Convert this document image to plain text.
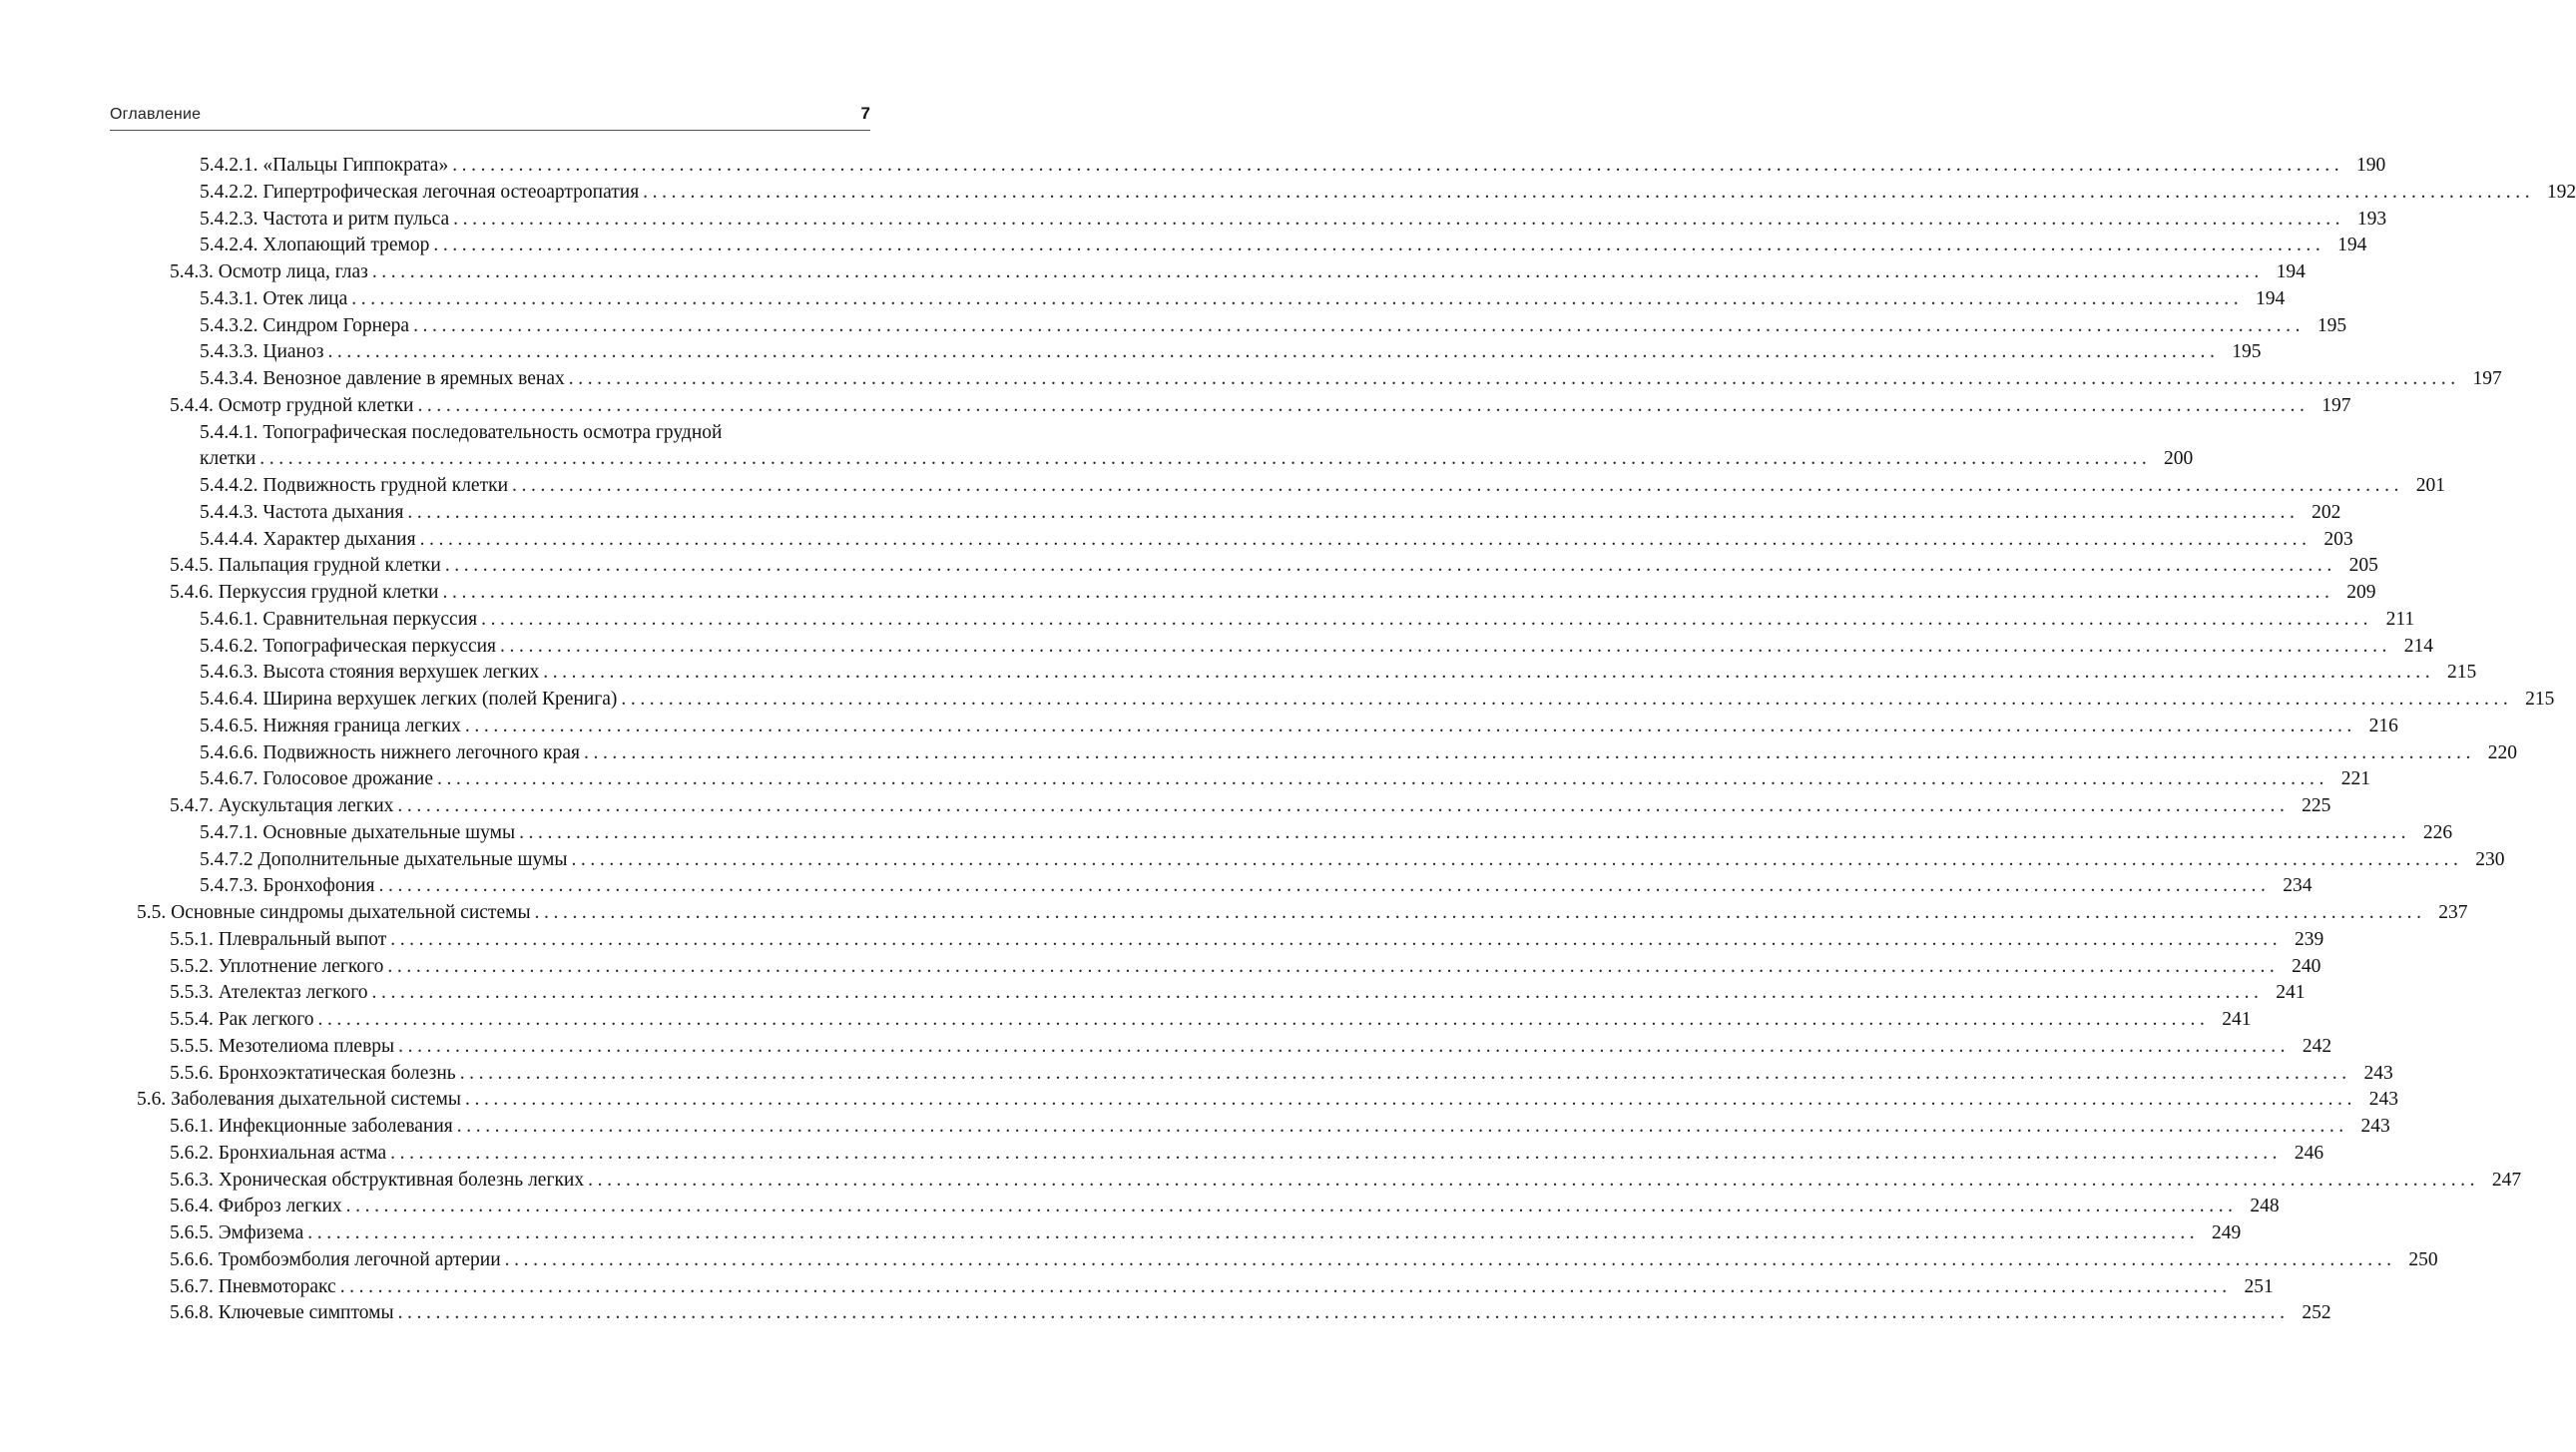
Оглавление	7
5.4.2.1. «Пальцы Гиппократа» ........................................................................................................................................................................................................ 190
5.4.2.2. Гипертрофическая легочная остеоартропатия ........................................................................................................................................................................................................ 192
5.4.2.3. Частота и ритм пульса ........................................................................................................................................................................................................ 193
5.4.2.4. Хлопающий тремор ........................................................................................................................................................................................................ 194
5.4.3. Осмотр лица, глаз ........................................................................................................................................................................................................ 194
5.4.3.1. Отек лица ........................................................................................................................................................................................................ 194
5.4.3.2. Синдром Горнера ........................................................................................................................................................................................................ 195
5.4.3.3. Цианоз ........................................................................................................................................................................................................ 195
5.4.3.4. Венозное давление в яремных венах ........................................................................................................................................................................................................ 197
5.4.4. Осмотр грудной клетки ........................................................................................................................................................................................................ 197
5.4.4.1. Топографическая последовательность осмотра грудной
клетки ........................................................................................................................................................................................................ 200
5.4.4.2. Подвижность грудной клетки ........................................................................................................................................................................................................ 201
5.4.4.3. Частота дыхания ........................................................................................................................................................................................................ 202
5.4.4.4. Характер дыхания ........................................................................................................................................................................................................ 203
5.4.5. Пальпация грудной клетки ........................................................................................................................................................................................................ 205
5.4.6. Перкуссия грудной клетки ........................................................................................................................................................................................................ 209
5.4.6.1. Сравнительная перкуссия ........................................................................................................................................................................................................ 211
5.4.6.2. Топографическая перкуссия ........................................................................................................................................................................................................ 214
5.4.6.3. Высота стояния верхушек легких ........................................................................................................................................................................................................ 215
5.4.6.4. Ширина верхушек легких (полей Кренига) ........................................................................................................................................................................................................ 215
5.4.6.5. Нижняя граница легких ........................................................................................................................................................................................................ 216
5.4.6.6. Подвижность нижнего легочного края ........................................................................................................................................................................................................ 220
5.4.6.7. Голосовое дрожание ........................................................................................................................................................................................................ 221
5.4.7. Аускультация легких ........................................................................................................................................................................................................ 225
5.4.7.1. Основные дыхательные шумы ........................................................................................................................................................................................................ 226
5.4.7.2 Дополнительные дыхательные шумы ........................................................................................................................................................................................................ 230
5.4.7.3. Бронхофония ........................................................................................................................................................................................................ 234
5.5. Основные синдромы дыхательной системы ........................................................................................................................................................................................................ 237
5.5.1. Плевральный выпот ........................................................................................................................................................................................................ 239
5.5.2. Уплотнение легкого ........................................................................................................................................................................................................ 240
5.5.3. Ателектаз легкого ........................................................................................................................................................................................................ 241
5.5.4. Рак легкого ........................................................................................................................................................................................................ 241
5.5.5. Мезотелиома плевры ........................................................................................................................................................................................................ 242
5.5.6. Бронхоэктатическая болезнь ........................................................................................................................................................................................................ 243
5.6. Заболевания дыхательной системы ........................................................................................................................................................................................................ 243
5.6.1. Инфекционные заболевания ........................................................................................................................................................................................................ 243
5.6.2. Бронхиальная астма ........................................................................................................................................................................................................ 246
5.6.3. Хроническая обструктивная болезнь легких ........................................................................................................................................................................................................ 247
5.6.4. Фиброз легких ........................................................................................................................................................................................................ 248
5.6.5. Эмфизема ........................................................................................................................................................................................................ 249
5.6.6. Тромбоэмболия легочной артерии ........................................................................................................................................................................................................ 250
5.6.7. Пневмоторакс ........................................................................................................................................................................................................ 251
5.6.8. Ключевые симптомы ........................................................................................................................................................................................................ 252
